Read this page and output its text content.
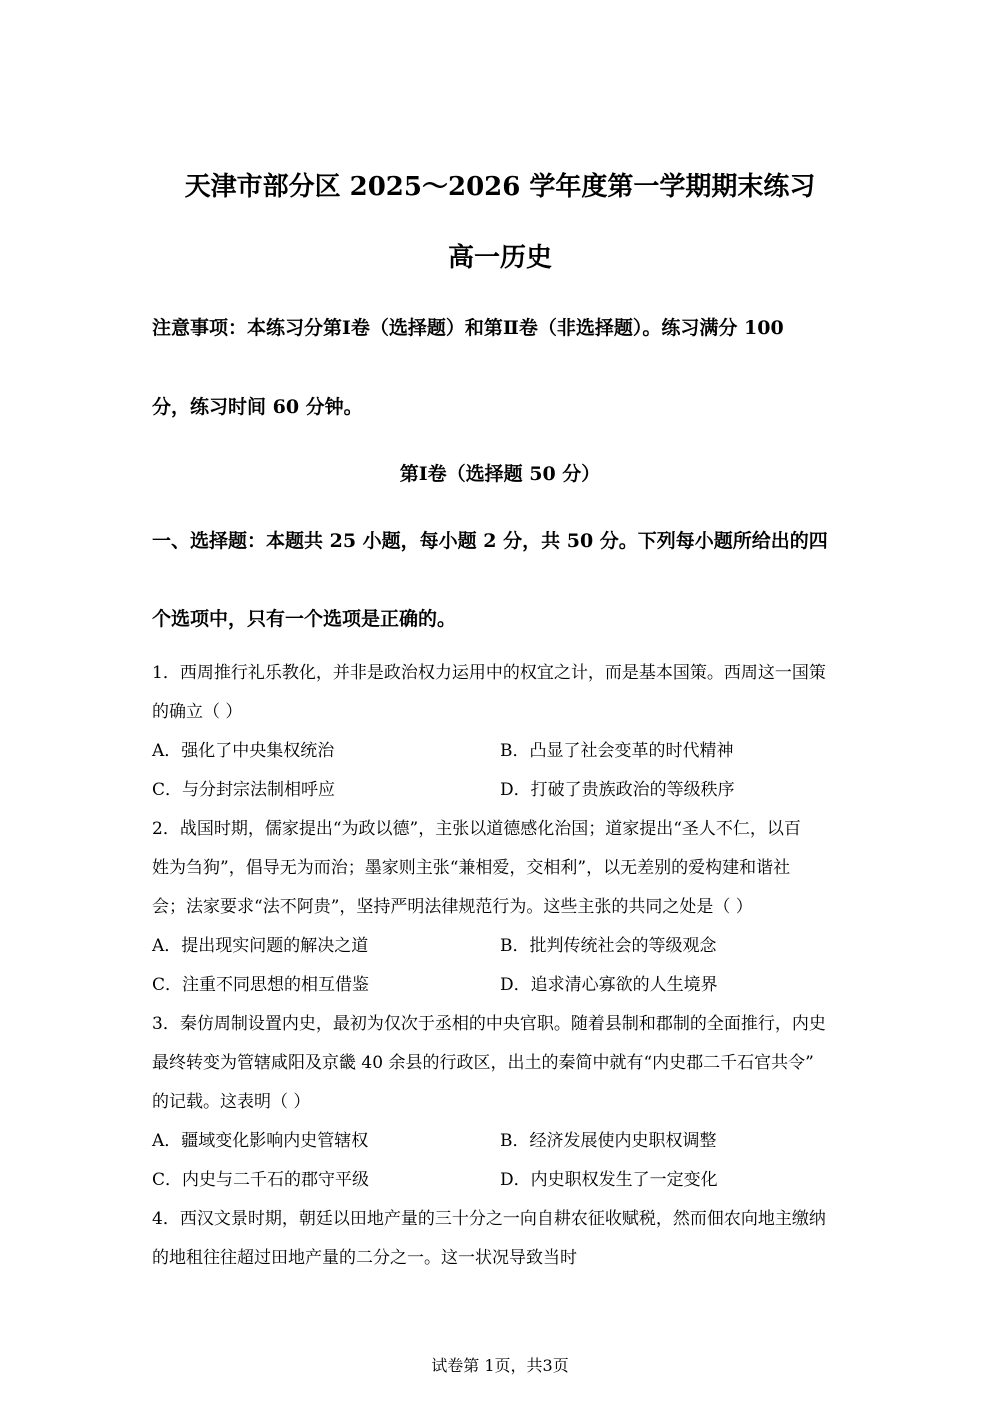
天津市部分区 2025～2026 学年度第一学期期末练习
高一历史
注意事项：本练习分第Ⅰ卷（选择题）和第Ⅱ卷（非选择题）。练习满分 100
分，练习时间 60 分钟。
第Ⅰ卷（选择题 50 分）
一、选择题：本题共 25 小题，每小题 2 分，共 50 分。下列每小题所给出的四
个选项中，只有一个选项是正确的。
1．西周推行礼乐教化，并非是政治权力运用中的权宜之计，而是基本国策。西周这一国策
的确立（ ）
A．强化了中央集权统治	B．凸显了社会变革的时代精神
C．与分封宗法制相呼应	D．打破了贵族政治的等级秩序
2．战国时期，儒家提出“为政以德”，主张以道德感化治国；道家提出“圣人不仁，以百
姓为刍狗”，倡导无为而治；墨家则主张“兼相爱，交相利”，以无差别的爱构建和谐社
会；法家要求“法不阿贵”，坚持严明法律规范行为。这些主张的共同之处是（ ）
A．提出现实问题的解决之道	B．批判传统社会的等级观念
C．注重不同思想的相互借鉴	D．追求清心寡欲的人生境界
3．秦仿周制设置内史，最初为仅次于丞相的中央官职。随着县制和郡制的全面推行，内史
最终转变为管辖咸阳及京畿 40 余县的行政区，出土的秦简中就有“内史郡二千石官共令”
的记载。这表明（ ）
A．疆域变化影响内史管辖权	B．经济发展使内史职权调整
C．内史与二千石的郡守平级	D．内史职权发生了一定变化
4．西汉文景时期，朝廷以田地产量的三十分之一向自耕农征收赋税，然而佃农向地主缴纳
的地租往往超过田地产量的二分之一。这一状况导致当时
试卷第 1页，共3页
